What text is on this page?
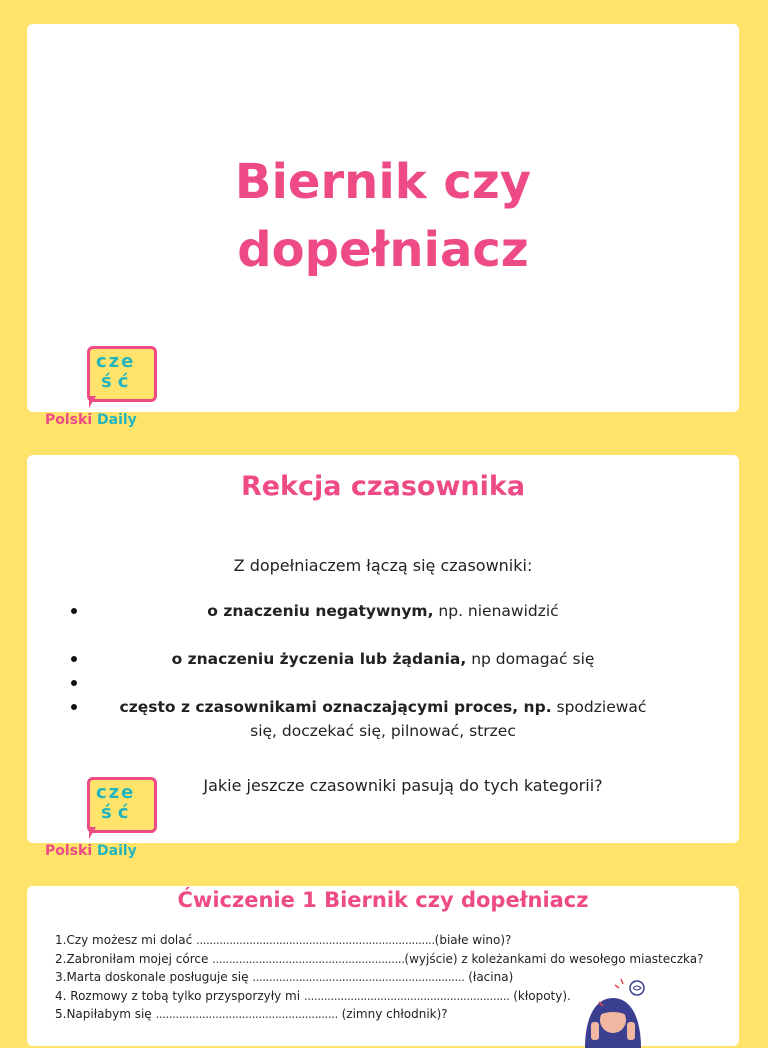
Biernik czy
dopełniacz
cze
ść
Polski Daily
Rekcja czasownika

Z dopełniaczem łączą się czasowniki:

o znaczeniu negatywnym, np. nienawidzić
o znaczeniu życzenia lub żądania, np domagać się
często z czasownikami oznaczającymi proces, np. spodziewać się, doczekać się, pilnować, strzec

Jakie jeszcze czasowniki pasują do tych kategorii?

cze
ść
Polski Daily
Ćwiczenie 1 Biernik czy dopełniacz
1.Czy możesz mi dolać ........................................................................(białe wino)?
2.Zabroniłam mojej córce ..........................................................(wyjście) z koleżankami do wesołego miasteczka?
3.Marta doskonale posługuje się ................................................................ (łacina)
4. Rozmowy z tobą tylko przysporzyły mi .............................................................. (kłopoty).
5.Napiłabym się ....................................................... (zimny chłodnik)?
